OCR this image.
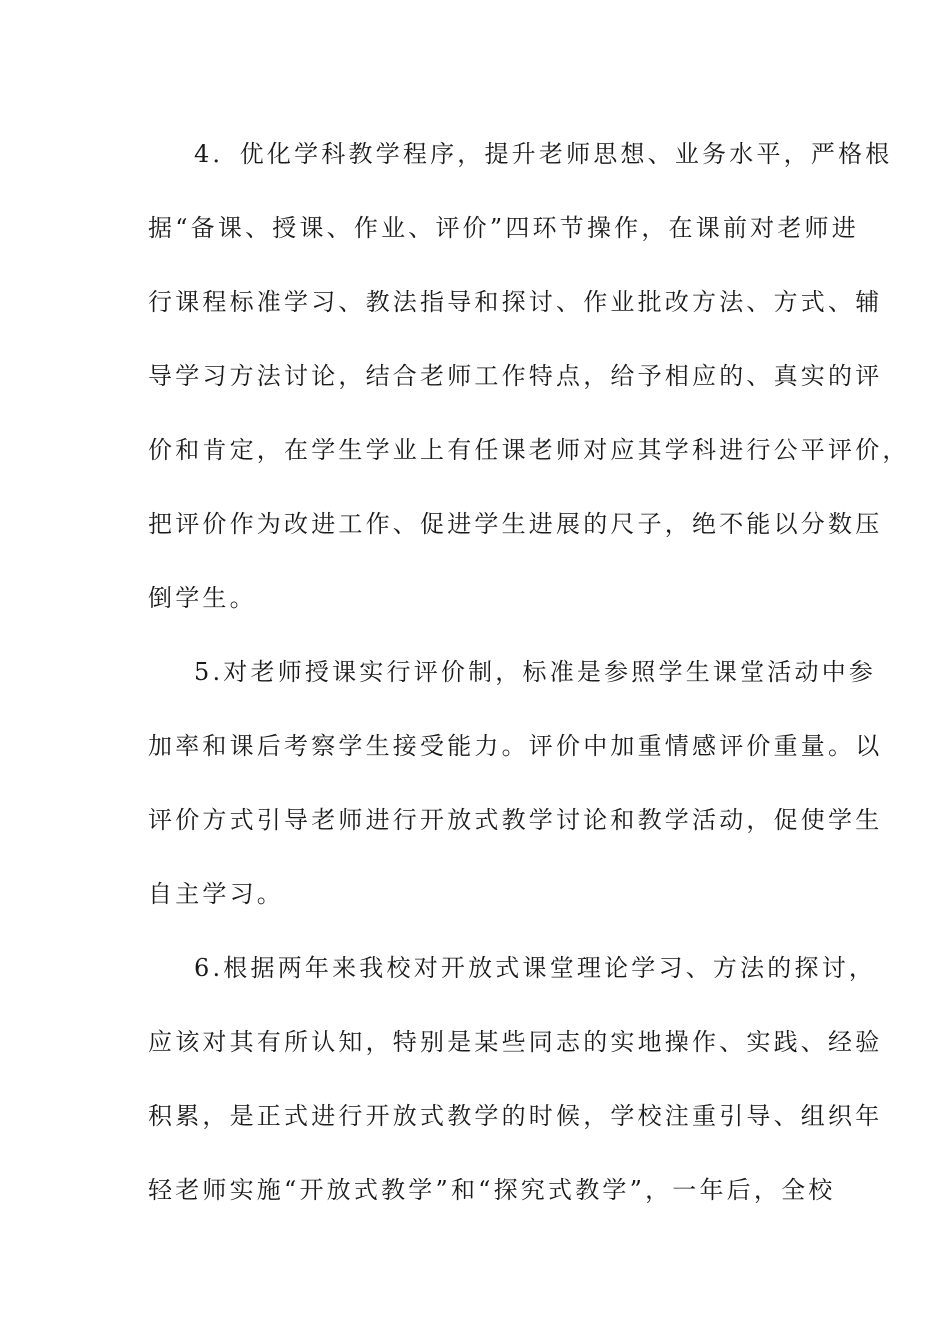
4．优化学科教学程序，提升老师思想、业务水平，严格根
据“备课、授课、作业、评价”四环节操作，在课前对老师进
行课程标准学习、教法指导和探讨、作业批改方法、方式、辅
导学习方法讨论，结合老师工作特点，给予相应的、真实的评
价和肯定，在学生学业上有任课老师对应其学科进行公平评价，
把评价作为改进工作、促进学生进展的尺子，绝不能以分数压
倒学生。
5.对老师授课实行评价制，标准是参照学生课堂活动中参
加率和课后考察学生接受能力。评价中加重情感评价重量。以
评价方式引导老师进行开放式教学讨论和教学活动，促使学生
自主学习。
6.根据两年来我校对开放式课堂理论学习、方法的探讨，
应该对其有所认知，特别是某些同志的实地操作、实践、经验
积累，是正式进行开放式教学的时候，学校注重引导、组织年
轻老师实施“开放式教学”和“探究式教学”，一年后，全校
